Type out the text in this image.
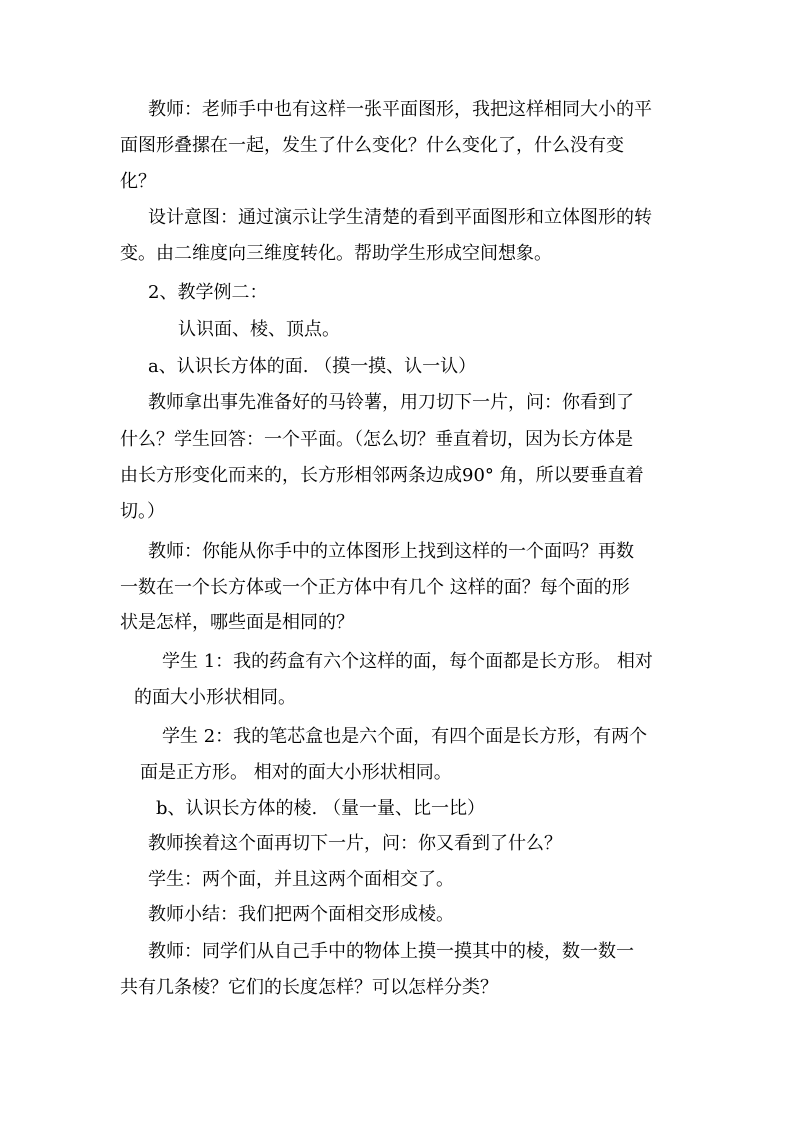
教师：老师手中也有这样一张平面图形，我把这样相同大小的平
面图形叠摞在一起，发生了什么变化？什么变化了，什么没有变
化？
设计意图：通过演示让学生清楚的看到平面图形和立体图形的转
变。由二维度向三维度转化。帮助学生形成空间想象。
2、教学例二：
认识面、棱、顶点。
a、认识长方体的面. （摸一摸、认一认）
教师拿出事先准备好的马铃薯，用刀切下一片，问：你看到了
什么？学生回答：一个平面。（怎么切？垂直着切，因为长方体是
由长方形变化而来的，长方形相邻两条边成90° 角，所以要垂直着
切。）
教师：你能从你手中的立体图形上找到这样的一个面吗？再数
一数在一个长方体或一个正方体中有几个 这样的面？每个面的形
状是怎样，哪些面是相同的？
学生 1：我的药盒有六个这样的面，每个面都是长方形。 相对
的面大小形状相同。
学生 2：我的笔芯盒也是六个面，有四个面是长方形，有两个
面是正方形。 相对的面大小形状相同。
b、认识长方体的棱. （量一量、比一比）
教师挨着这个面再切下一片，问：你又看到了什么？
学生：两个面，并且这两个面相交了。
教师小结：我们把两个面相交形成棱。
教师：同学们从自己手中的物体上摸一摸其中的棱，数一数一
共有几条棱？它们的长度怎样？可以怎样分类？
